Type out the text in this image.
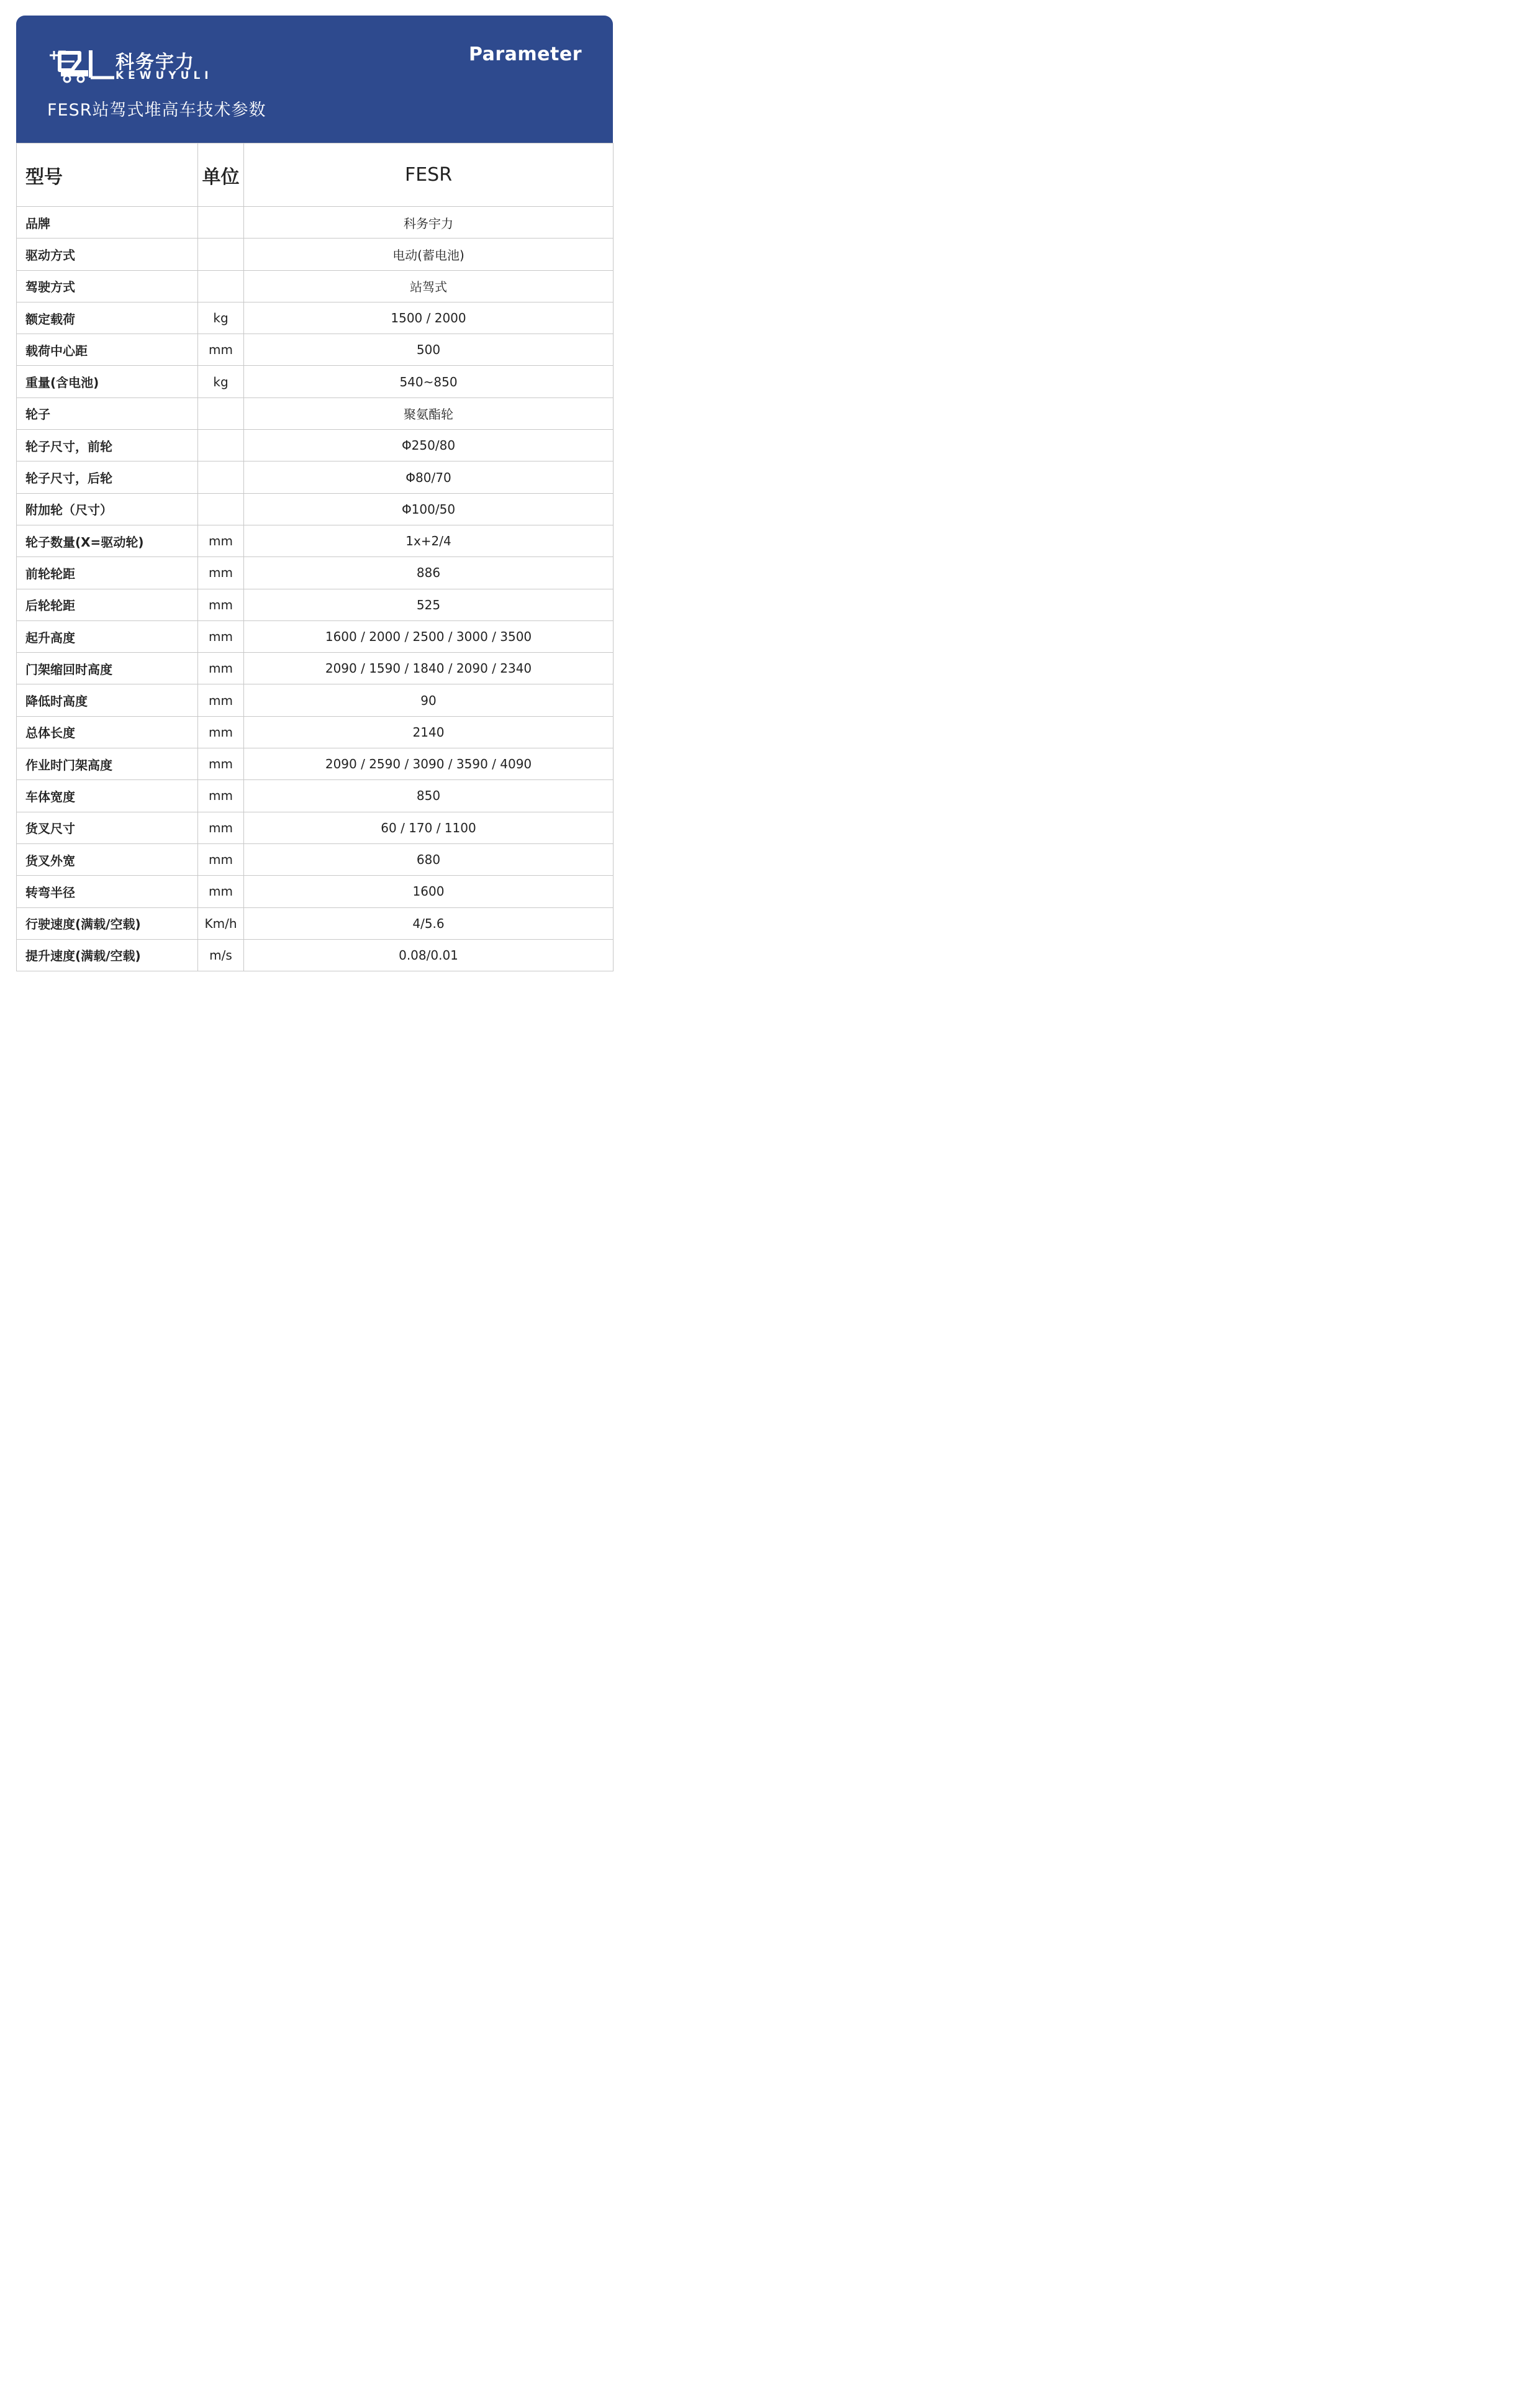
科务宇力
KEWUYULI
FESR站驾式堆高车技术参数
Parameter
型号	单位	FESR
品牌		科务宇力
驱动方式		电动(蓄电池)
驾驶方式		站驾式
额定载荷	kg	1500 / 2000
载荷中心距	mm	500
重量(含电池)	kg	540~850
轮子		聚氨酯轮
轮子尺寸，前轮		Φ250/80
轮子尺寸，后轮		Φ80/70
附加轮（尺寸）		Φ100/50
轮子数量(X=驱动轮)	mm	1x+2/4
前轮轮距	mm	886
后轮轮距	mm	525
起升高度	mm	1600 / 2000 / 2500 / 3000 / 3500
门架缩回时高度	mm	2090 / 1590 / 1840 / 2090 / 2340
降低时高度	mm	90
总体长度	mm	2140
作业时门架高度	mm	2090 / 2590 / 3090 / 3590 / 4090
车体宽度	mm	850
货叉尺寸	mm	60 / 170 / 1100
货叉外宽	mm	680
转弯半径	mm	1600
行驶速度(满载/空载)	Km/h	4/5.6
提升速度(满载/空载)	m/s	0.08/0.01
